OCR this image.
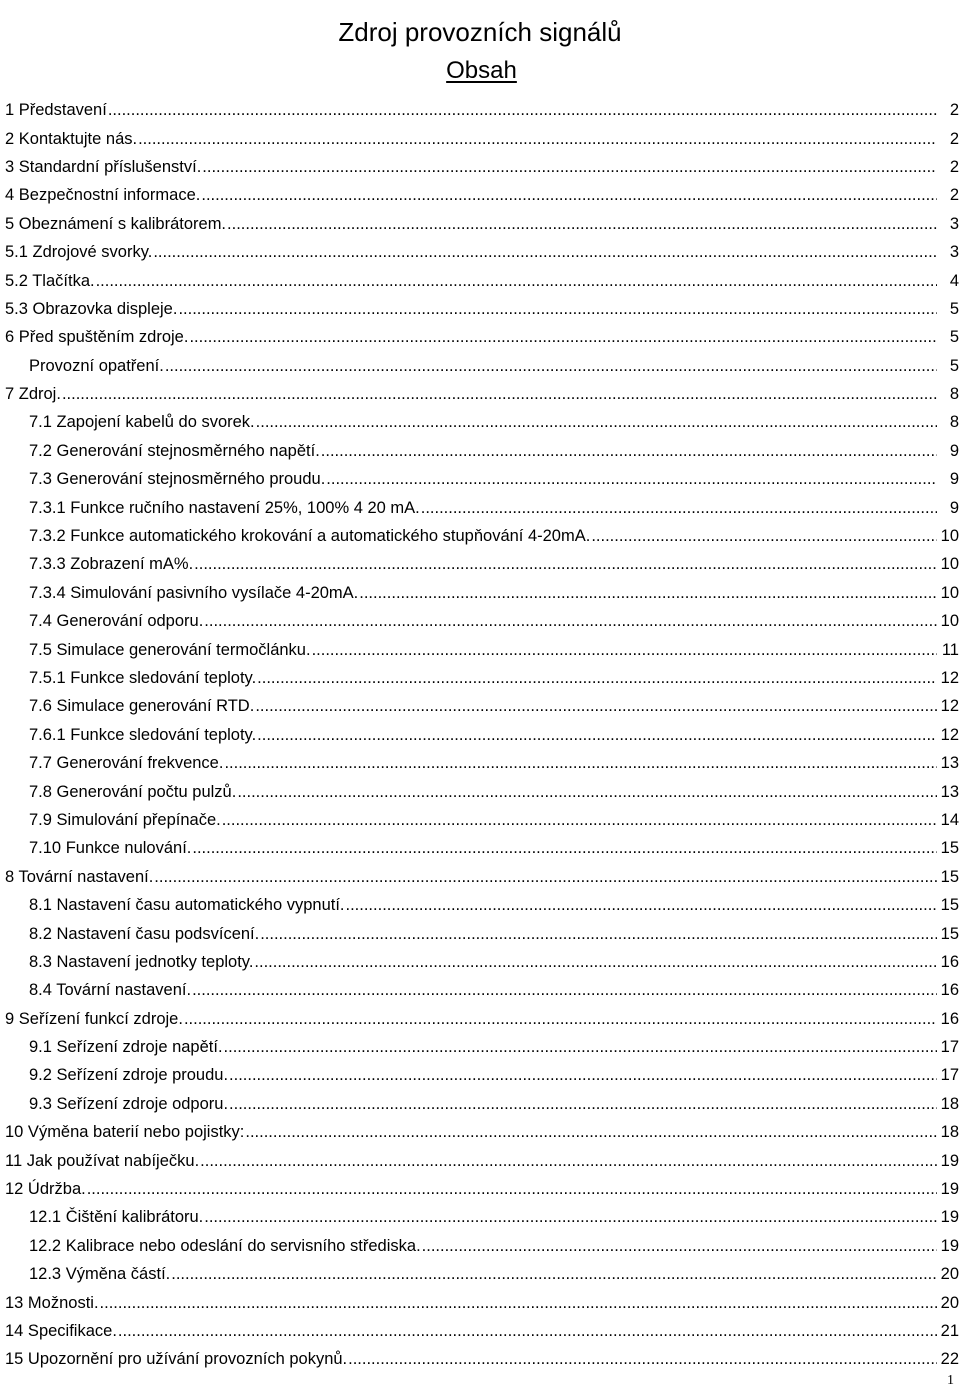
Zdroj provozních signálů
Obsah
1 Představení .....	2
2 Kontaktujte nás. .....	2
3 Standardní příslušenství. .....	2
4 Bezpečnostní informace. .....	2
5 Obeznámení s kalibrátorem. .....	3
5.1 Zdrojové svorky. .....	3
5.2 Tlačítka. .....	4
5.3 Obrazovka displeje. .....	5
6 Před spuštěním zdroje. .....	5
Provozní opatření. .....	5
7 Zdroj. .....	8
7.1 Zapojení kabelů do svorek. .....	8
7.2 Generování stejnosměrného napětí. .....	9
7.3 Generování stejnosměrného proudu. .....	9
7.3.1 Funkce ručního nastavení 25%, 100% 4 20 mA. .....	9
7.3.2 Funkce automatického krokování a automatického stupňování 4-20mA. .....	10
7.3.3 Zobrazení mA%. .....	10
7.3.4 Simulování pasivního vysílače 4-20mA. .....	10
7.4 Generování odporu. .....	10
7.5 Simulace generování termočlánku. .....	11
7.5.1 Funkce sledování teploty. .....	12
7.6 Simulace generování RTD. .....	12
7.6.1 Funkce sledování teploty. .....	12
7.7 Generování frekvence. .....	13
7.8 Generování počtu pulzů. .....	13
7.9 Simulování přepínače. .....	14
7.10 Funkce nulování. .....	15
8 Tovární nastavení. .....	15
8.1 Nastavení času automatického vypnutí. .....	15
8.2 Nastavení času podsvícení. .....	15
8.3 Nastavení jednotky teploty. .....	16
8.4 Tovární nastavení. .....	16
9 Seřízení funkcí zdroje. .....	16
9.1 Seřízení zdroje napětí. .....	17
9.2 Seřízení zdroje proudu. .....	17
9.3 Seřízení zdroje odporu. .....	18
10 Výměna baterií nebo pojistky: .....	18
11 Jak používat nabíječku. .....	19
12 Údržba. .....	19
12.1 Čištění kalibrátoru. .....	19
12.2 Kalibrace nebo odeslání do servisního střediska. .....	19
12.3 Výměna částí. .....	20
13 Možnosti. .....	20
14 Specifikace. .....	21
15 Upozornění pro užívání provozních pokynů. .....	22
1
